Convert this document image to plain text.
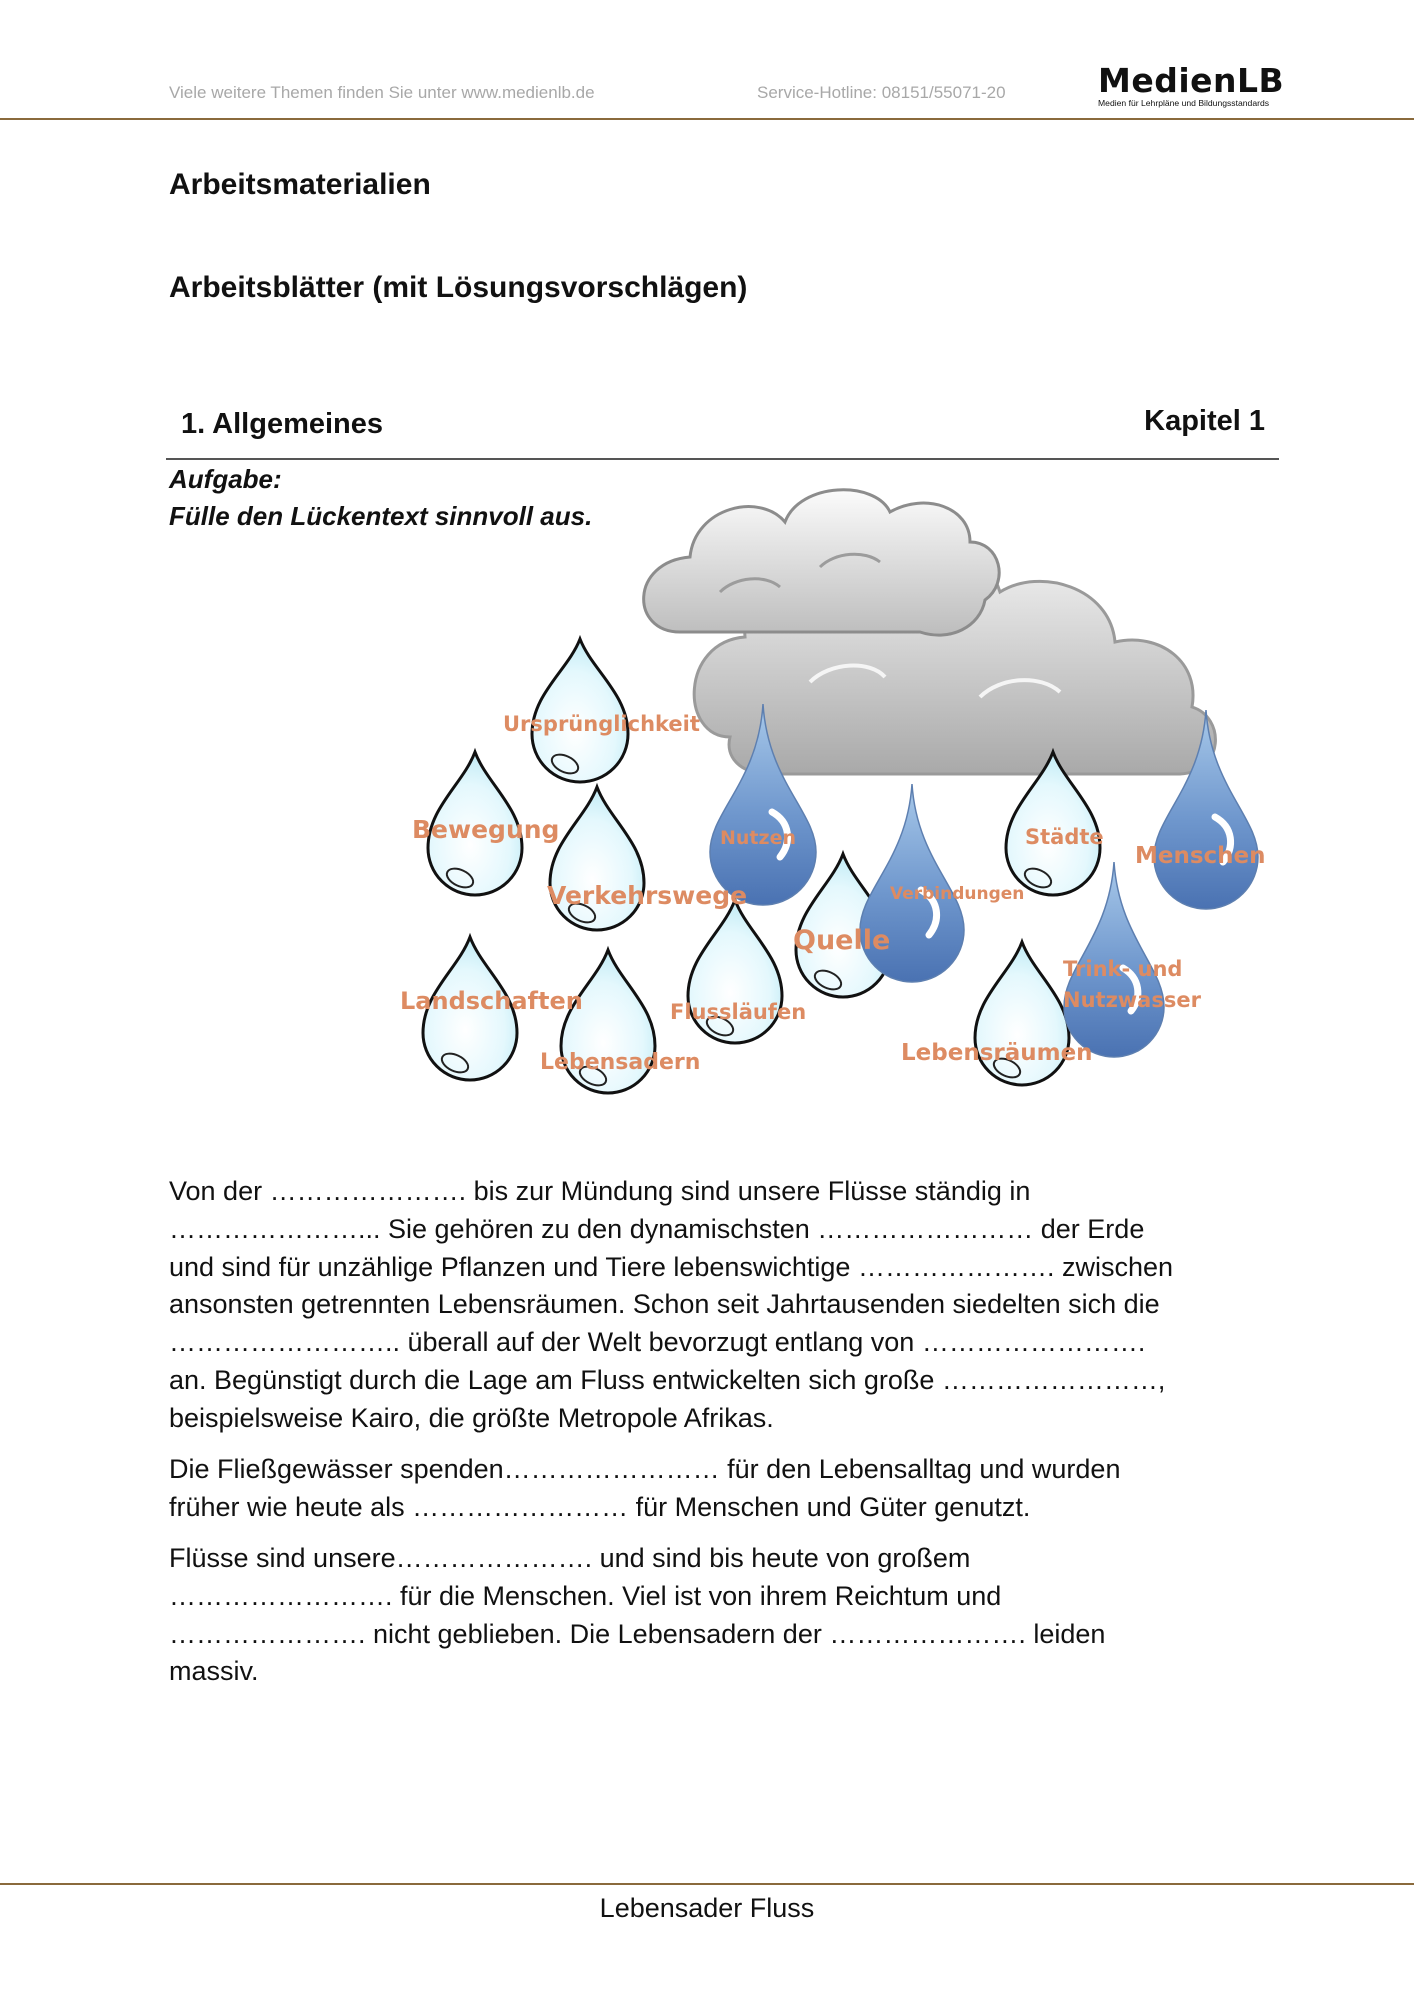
Viele weitere Themen finden Sie unter www.medienlb.de	Service-Hotline: 08151/55071-20	MedienLB
Medien für Lehrpläne und Bildungsstandards
Arbeitsmaterialien
Arbeitsblätter (mit Lösungsvorschlägen)
1. Allgemeines	Kapitel 1
Aufgabe:
Fülle den Lückentext sinnvoll aus.
Ursprünglichkeit
Bewegung	Nutzen	Städte
Menschen
Verkehrswege	Verbindungen
Quelle
Trink- und
Nutzwasser
Landschaften	Flussläufen
Lebensadern	Lebensräumen

Von der …………………. bis zur Mündung sind unsere Flüsse ständig in

…………………... Sie gehören zu den dynamischsten …………………… der Erde

und sind für unzählige Pflanzen und Tiere lebenswichtige …………………. zwischen

ansonsten getrennten Lebensräumen. Schon seit Jahrtausenden siedelten sich die

…………………….. überall auf der Welt bevorzugt entlang von …………………….

an. Begünstigt durch die Lage am Fluss entwickelten sich große ……………………,

beispielsweise Kairo, die größte Metropole Afrikas.

Die Fließgewässer spenden…………………… für den Lebensalltag und wurden

früher wie heute als …………………… für Menschen und Güter genutzt.

Flüsse sind unsere…………………. und sind bis heute von großem

……………………. für die Menschen. Viel ist von ihrem Reichtum und

…………………. nicht geblieben. Die Lebensadern der …………………. leiden

massiv.

Lebensader Fluss
